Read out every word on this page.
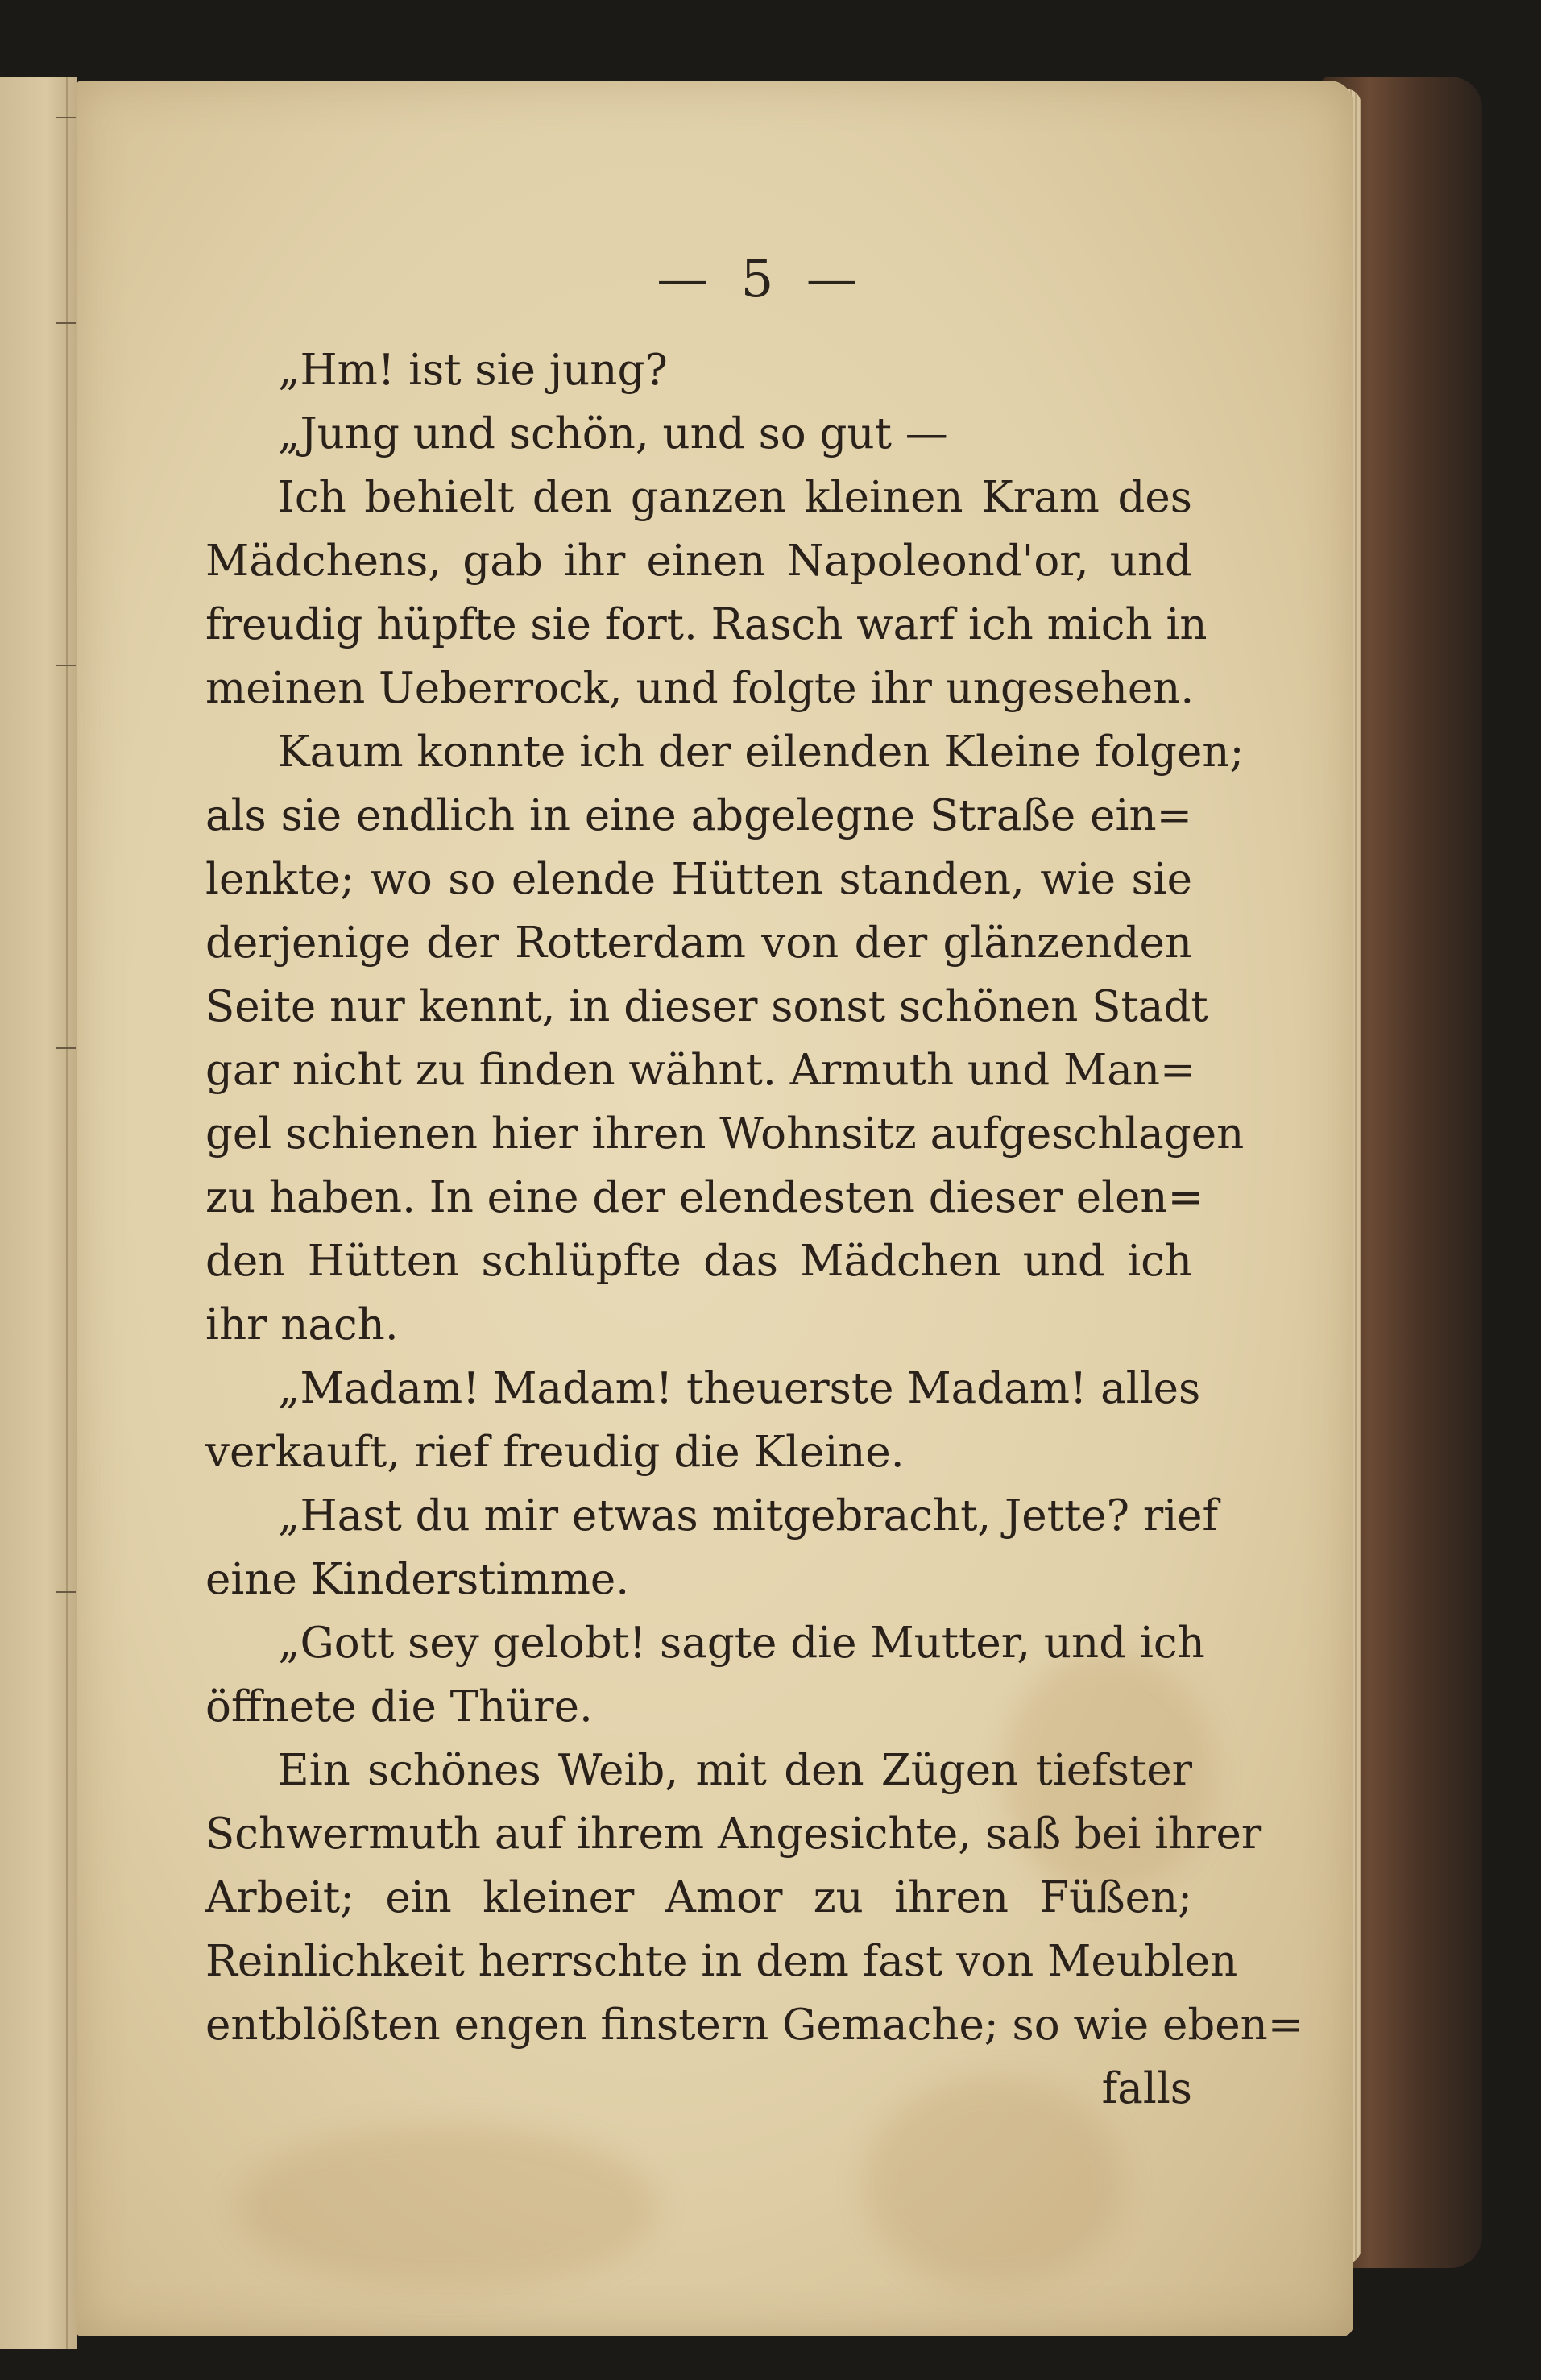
— 5 —
„Hm! ist sie jung?
„Jung und schön, und so gut —
Ich behielt den ganzen kleinen Kram des
Mädchens, gab ihr einen Napoleond'or, und
freudig hüpfte sie fort. Rasch warf ich mich in
meinen Ueberrock, und folgte ihr ungesehen.
Kaum konnte ich der eilenden Kleine folgen;
als sie endlich in eine abgelegne Straße ein=
lenkte; wo so elende Hütten standen, wie sie
derjenige der Rotterdam von der glänzenden
Seite nur kennt, in dieser sonst schönen Stadt
gar nicht zu finden wähnt. Armuth und Man=
gel schienen hier ihren Wohnsitz aufgeschlagen
zu haben. In eine der elendesten dieser elen=
den Hütten schlüpfte das Mädchen und ich
ihr nach.
„Madam! Madam! theuerste Madam! alles
verkauft, rief freudig die Kleine.
„Hast du mir etwas mitgebracht, Jette? rief
eine Kinderstimme.
„Gott sey gelobt! sagte die Mutter, und ich
öffnete die Thüre.
Ein schönes Weib, mit den Zügen tiefster
Schwermuth auf ihrem Angesichte, saß bei ihrer
Arbeit; ein kleiner Amor zu ihren Füßen;
Reinlichkeit herrschte in dem fast von Meublen
entblößten engen finstern Gemache; so wie eben=
falls
